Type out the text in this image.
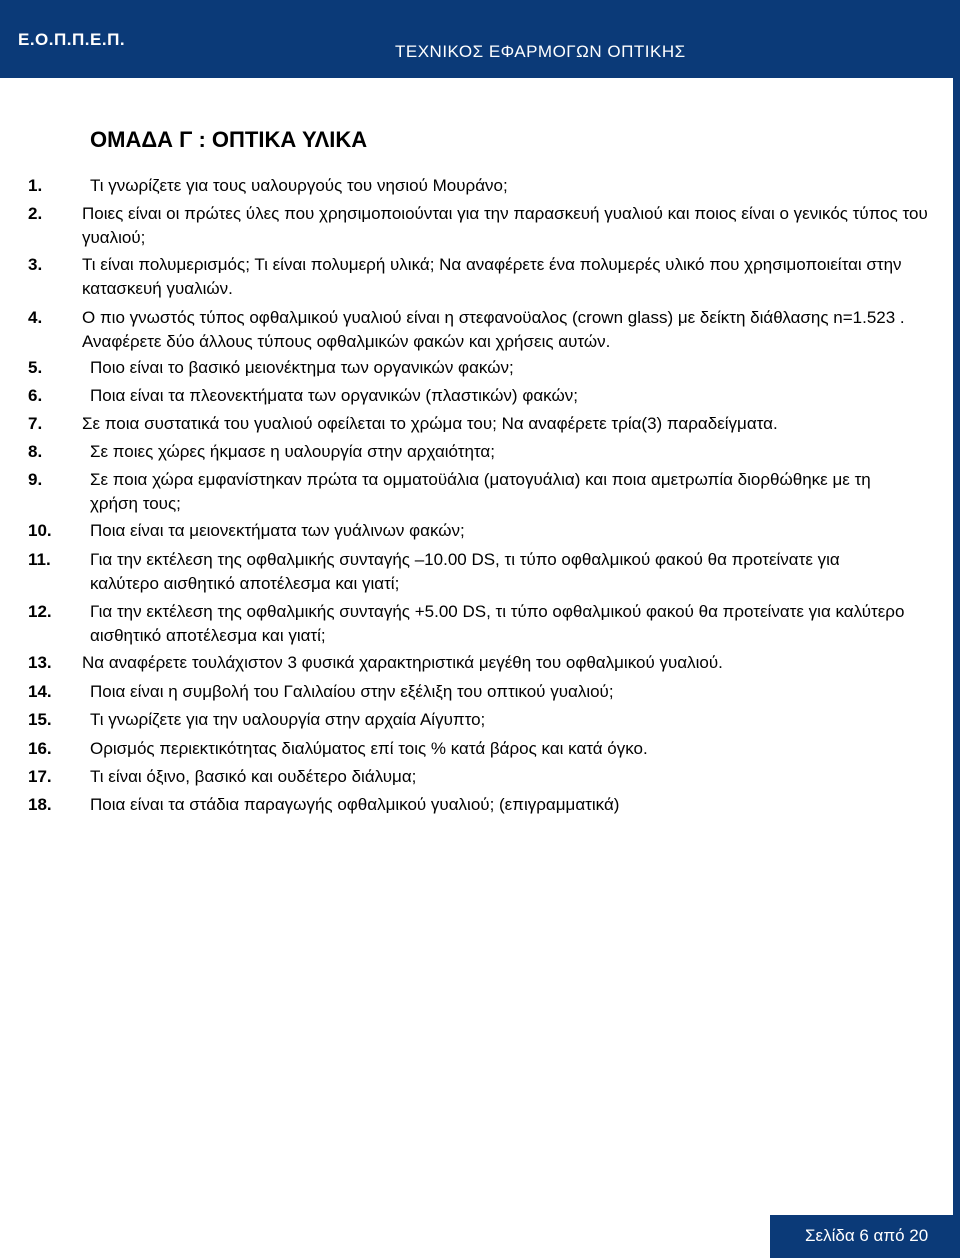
Ε.Ο.Π.Π.Ε.Π.
ΤΕΧΝΙΚΟΣ ΕΦΑΡΜΟΓΩΝ ΟΠΤΙΚΗΣ
ΟΜΑΔΑ Γ : ΟΠΤΙΚΑ ΥΛΙΚΑ
1.	Τι γνωρίζετε για τους υαλουργούς του νησιού Μουράνο;
2. Ποιες είναι οι πρώτες ύλες που χρησιμοποιούνται για την παρασκευή γυαλιού και ποιος είναι ο γενικός τύπος του γυαλιού;
3. Τι είναι πολυμερισμός; Τι είναι πολυμερή υλικά; Να αναφέρετε ένα πολυμερές υλικό που χρησιμοποιείται στην κατασκευή γυαλιών.
4. Ο πιο γνωστός τύπος οφθαλμικού γυαλιού είναι η στεφανοϋαλος (crown glass) με δείκτη διάθλασης n=1.523 . Αναφέρετε δύο άλλους τύπους οφθαλμικών φακών και χρήσεις αυτών.
5.	Ποιο είναι το βασικό μειονέκτημα των οργανικών φακών;
6.	Ποια είναι τα πλεονεκτήματα των οργανικών (πλαστικών) φακών;
7. Σε ποια συστατικά του γυαλιού οφείλεται το χρώμα του; Να αναφέρετε τρία(3) παραδείγματα.
8.	Σε ποιες χώρες ήκμασε η υαλουργία στην αρχαιότητα;
9.	Σε ποια χώρα εμφανίστηκαν πρώτα τα ομματοϋάλια (ματογυάλια) και ποια αμετρωπία διορθώθηκε με τη χρήση τους;
10. Ποια είναι τα μειονεκτήματα των γυάλινων φακών;
11. Για την εκτέλεση της οφθαλμικής συνταγής –10.00 DS, τι τύπο οφθαλμικού φακού θα προτείνατε για καλύτερο αισθητικό αποτέλεσμα και γιατί;
12. Για την εκτέλεση της οφθαλμικής συνταγής +5.00 DS, τι τύπο οφθαλμικού φακού θα προτείνατε για καλύτερο αισθητικό αποτέλεσμα και γιατί;
13. Να αναφέρετε τουλάχιστον 3 φυσικά χαρακτηριστικά μεγέθη του οφθαλμικού γυαλιού.
14. Ποια είναι η συμβολή του Γαλιλαίου στην εξέλιξη του οπτικού γυαλιού;
15. Τι γνωρίζετε για την υαλουργία στην αρχαία Αίγυπτο;
16. Ορισμός περιεκτικότητας διαλύματος επί τοις % κατά βάρος και κατά όγκο.
17. Τι είναι όξινο, βασικό και ουδέτερο διάλυμα;
18. Ποια είναι τα στάδια παραγωγής οφθαλμικού γυαλιού; (επιγραμματικά)
Σελίδα 6 από 20
